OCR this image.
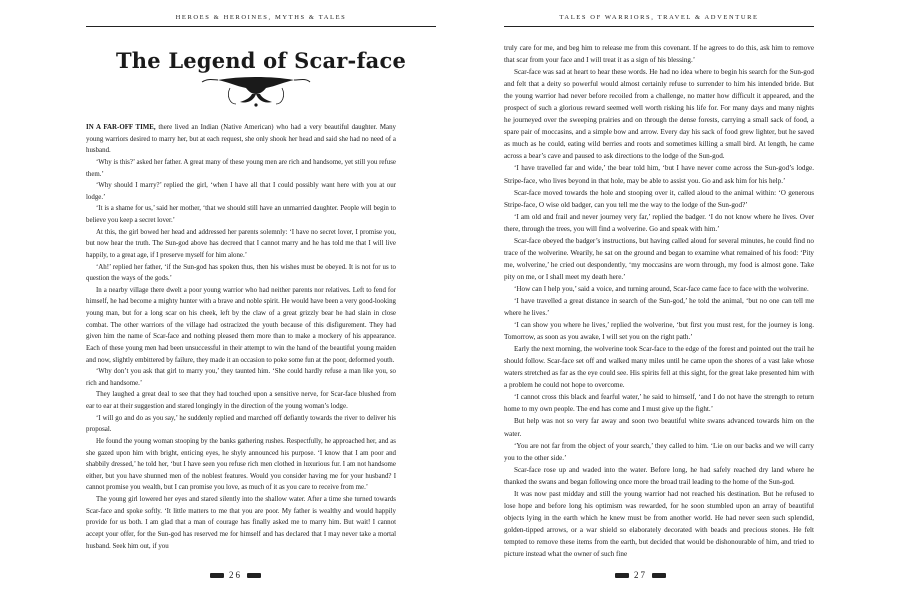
HEROES & HEROINES, MYTHS & TALES	TALES OF WARRIORS, TRAVEL & ADVENTURE
The Legend of Scar-face

IN A FAR-OFF TIME, there lived an Indian (Native American) who had a very beautiful daughter. Many young warriors desired to marry her, but at each request, she only shook her head and said she had no need of a husband.

‘Why is this?’ asked her father. A great many of these young men are rich and handsome, yet still you refuse them.’

‘Why should I marry?’ replied the girl, ‘when I have all that I could possibly want here with you at our lodge.’

‘It is a shame for us,’ said her mother, ‘that we should still have an unmarried daughter. People will begin to believe you keep a secret lover.’

At this, the girl bowed her head and addressed her parents solemnly: ‘I have no secret lover, I promise you, but now hear the truth. The Sun-god above has decreed that I cannot marry and he has told me that I will live happily, to a great age, if I preserve myself for him alone.’

‘Ah!’ replied her father, ‘if the Sun-god has spoken thus, then his wishes must be obeyed. It is not for us to question the ways of the gods.’

In a nearby village there dwelt a poor young warrior who had neither parents nor relatives. Left to fend for himself, he had become a mighty hunter with a brave and noble spirit. He would have been a very good-looking young man, but for a long scar on his cheek, left by the claw of a great grizzly bear he had slain in close combat. The other warriors of the village had ostracized the youth because of this disfigurement. They had given him the name of Scar-face and nothing pleased them more than to make a mockery of his appearance. Each of these young men had been unsuccessful in their attempt to win the hand of the beautiful young maiden and now, slightly embittered by failure, they made it an occasion to poke some fun at the poor, deformed youth.

‘Why don’t you ask that girl to marry you,’ they taunted him. ‘She could hardly refuse a man like you, so rich and handsome.’

They laughed a great deal to see that they had touched upon a sensitive nerve, for Scar-face blushed from ear to ear at their suggestion and stared longingly in the direction of the young woman’s lodge.

‘I will go and do as you say,’ he suddenly replied and marched off defiantly towards the river to deliver his proposal.

He found the young woman stooping by the banks gathering rushes. Respectfully, he approached her, and as she gazed upon him with bright, enticing eyes, he shyly announced his purpose. ‘I know that I am poor and shabbily dressed,’ he told her, ‘but I have seen you refuse rich men clothed in luxurious fur. I am not handsome either, but you have shunned men of the noblest features. Would you consider having me for your husband? I cannot promise you wealth, but I can promise you love, as much of it as you care to receive from me.’

The young girl lowered her eyes and stared silently into the shallow water. After a time she turned towards Scar-face and spoke softly. ‘It little matters to me that you are poor. My father is wealthy and would happily provide for us both. I am glad that a man of courage has finally asked me to marry him. But wait! I cannot accept your offer, for the Sun-god has reserved me for himself and has declared that I may never take a mortal husband. Seek him out, if you

truly care for me, and beg him to release me from this covenant. If he agrees to do this, ask him to remove that scar from your face and I will treat it as a sign of his blessing.’

Scar-face was sad at heart to hear these words. He had no idea where to begin his search for the Sun-god and felt that a deity so powerful would almost certainly refuse to surrender to him his intended bride. But the young warrior had never before recoiled from a challenge, no matter how difficult it appeared, and the prospect of such a glorious reward seemed well worth risking his life for. For many days and many nights he journeyed over the sweeping prairies and on through the dense forests, carrying a small sack of food, a spare pair of moccasins, and a simple bow and arrow. Every day his sack of food grew lighter, but he saved as much as he could, eating wild berries and roots and sometimes killing a small bird. At length, he came across a bear’s cave and paused to ask directions to the lodge of the Sun-god.

‘I have travelled far and wide,’ the bear told him, ‘but I have never come across the Sun-god’s lodge. Stripe-face, who lives beyond in that hole, may be able to assist you. Go and ask him for his help.’

Scar-face moved towards the hole and stooping over it, called aloud to the animal within: ‘O generous Stripe-face, O wise old badger, can you tell me the way to the lodge of the Sun-god?’

‘I am old and frail and never journey very far,’ replied the badger. ‘I do not know where he lives. Over there, through the trees, you will find a wolverine. Go and speak with him.’

Scar-face obeyed the badger’s instructions, but having called aloud for several minutes, he could find no trace of the wolverine. Wearily, he sat on the ground and began to examine what remained of his food: ‘Pity me, wolverine,’ he cried out despondently, ‘my moccasins are worn through, my food is almost gone. Take pity on me, or I shall meet my death here.’

‘How can I help you,’ said a voice, and turning around, Scar-face came face to face with the wolverine.

‘I have travelled a great distance in search of the Sun-god,’ he told the animal, ‘but no one can tell me where he lives.’

‘I can show you where he lives,’ replied the wolverine, ‘but first you must rest, for the journey is long. Tomorrow, as soon as you awake, I will set you on the right path.’

Early the next morning, the wolverine took Scar-face to the edge of the forest and pointed out the trail he should follow. Scar-face set off and walked many miles until he came upon the shores of a vast lake whose waters stretched as far as the eye could see. His spirits fell at this sight, for the great lake presented him with a problem he could not hope to overcome.

‘I cannot cross this black and fearful water,’ he said to himself, ‘and I do not have the strength to return home to my own people. The end has come and I must give up the fight.’

But help was not so very far away and soon two beautiful white swans advanced towards him on the water.

‘You are not far from the object of your search,’ they called to him. ‘Lie on our backs and we will carry you to the other side.’

Scar-face rose up and waded into the water. Before long, he had safely reached dry land where he thanked the swans and began following once more the broad trail leading to the home of the Sun-god.

It was now past midday and still the young warrior had not reached his destination. But he refused to lose hope and before long his optimism was rewarded, for he soon stumbled upon an array of beautiful objects lying in the earth which he knew must be from another world. He had never seen such splendid, golden-tipped arrows, or a war shield so elaborately decorated with beads and precious stones. He felt tempted to remove these items from the earth, but decided that would be dishonourable of him, and tried to picture instead what the owner of such fine

26	27
